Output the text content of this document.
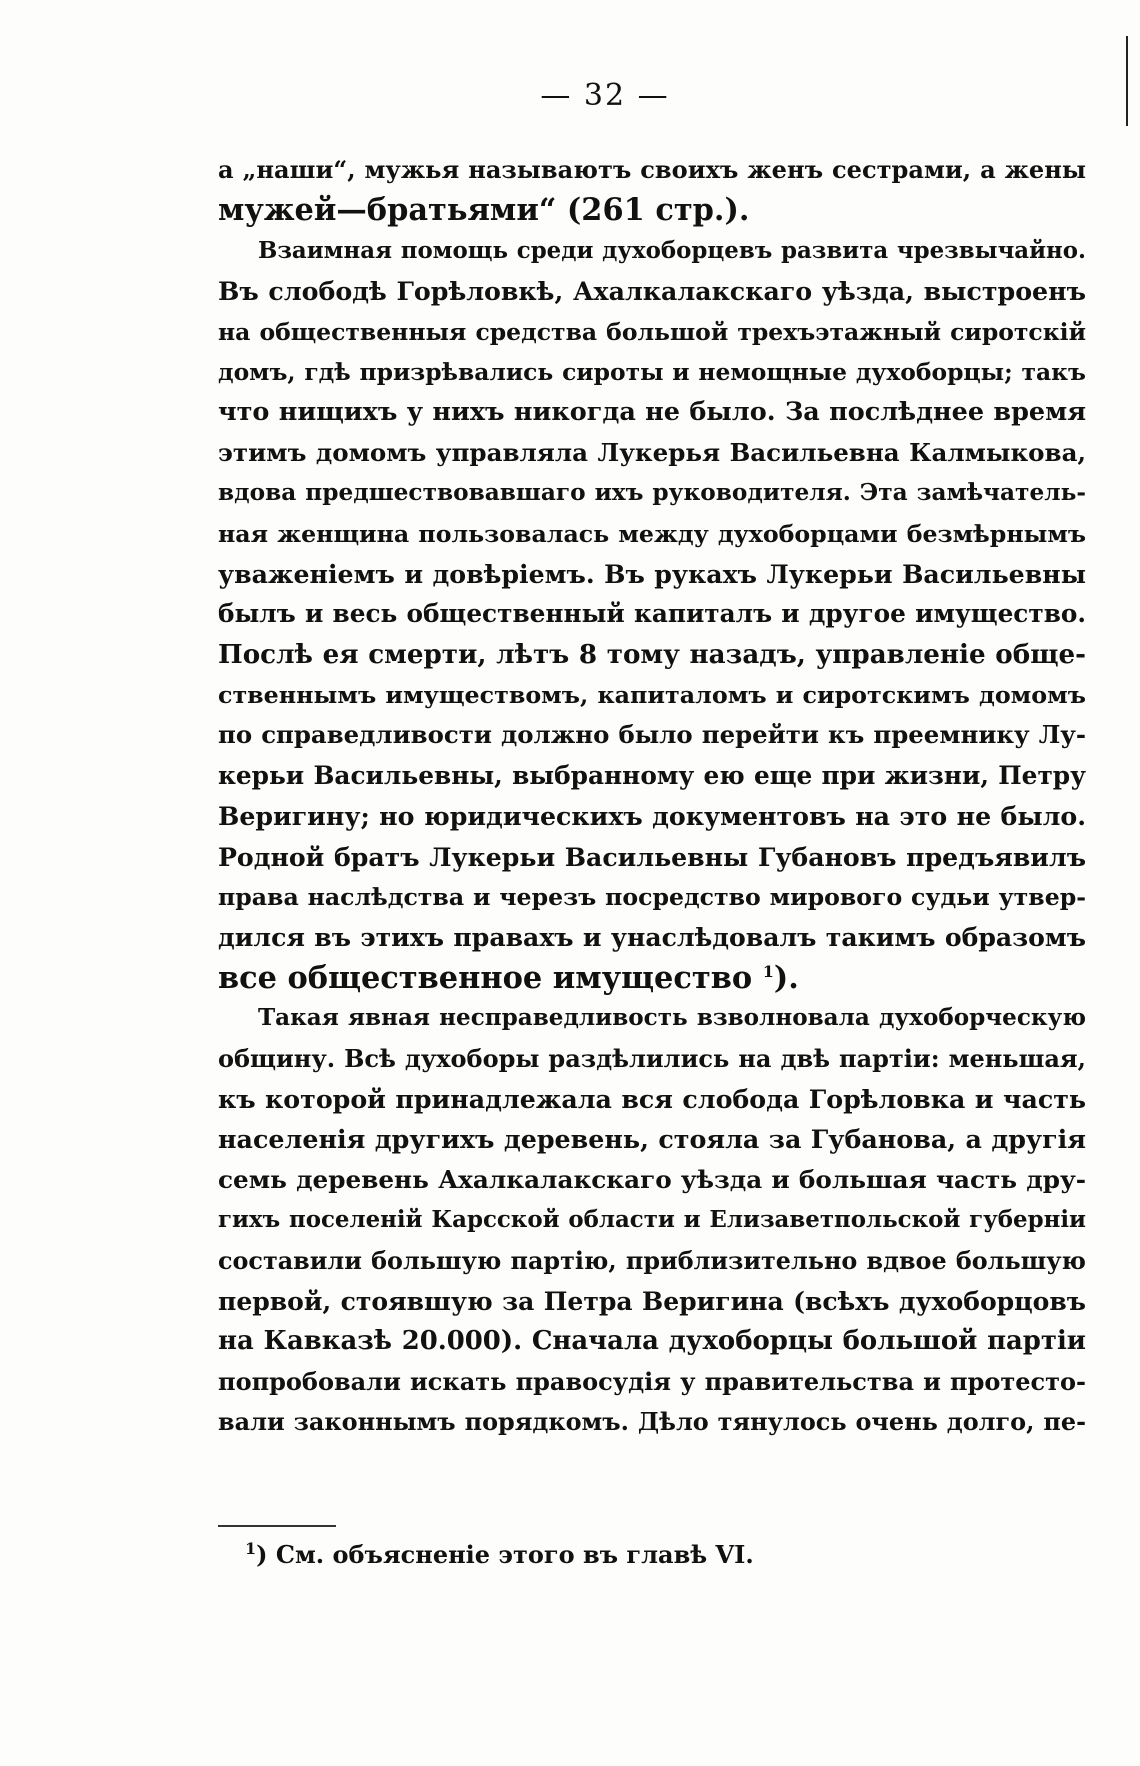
— 32 —
а „наши“, мужья называютъ своихъ женъ сестрами, а жены
мужей—братьями“ (261 стр.).
Взаимная помощь среди духоборцевъ развита чрезвычайно.
Въ слободѣ Горѣловкѣ, Ахалкалакскаго уѣзда, выстроенъ
на общественныя средства большой трехъэтажный сиротскій
домъ, гдѣ призрѣвались сироты и немощные духоборцы; такъ
что нищихъ у нихъ никогда не было. За послѣднее время
этимъ домомъ управляла Лукерья Васильевна Калмыкова,
вдова предшествовавшаго ихъ руководителя. Эта замѣчатель-
ная женщина пользовалась между духоборцами безмѣрнымъ
уваженіемъ и довѣріемъ. Въ рукахъ Лукерьи Васильевны
былъ и весь общественный капиталъ и другое имущество.
Послѣ ея смерти, лѣтъ 8 тому назадъ, управленіе обще-
ственнымъ имуществомъ, капиталомъ и сиротскимъ домомъ
по справедливости должно было перейти къ преемнику Лу-
керьи Васильевны, выбранному ею еще при жизни, Петру
Веригину; но юридическихъ документовъ на это не было.
Родной братъ Лукерьи Васильевны Губановъ предъявилъ
права наслѣдства и черезъ посредство мирового судьи утвер-
дился въ этихъ правахъ и унаслѣдовалъ такимъ образомъ
все общественное имущество $^1$).
Такая явная несправедливость взволновала духоборческую
общину. Всѣ духоборы раздѣлились на двѣ партіи: меньшая,
къ которой принадлежала вся слобода Горѣловка и часть
населенія другихъ деревень, стояла за Губанова, а другія
семь деревень Ахалкалакскаго уѣзда и большая часть дру-
гихъ поселеній Карсской области и Елизаветпольской губерніи
составили большую партію, приблизительно вдвое большую
первой, стоявшую за Петра Веригина (всѣхъ духоборцовъ
на Кавказѣ 20.000). Сначала духоборцы большой партіи
попробовали искать правосудія у правительства и протесто-
вали законнымъ порядкомъ. Дѣло тянулось очень долго, пе-
$^1$) См. объясненіе этого въ главѣ VI.
